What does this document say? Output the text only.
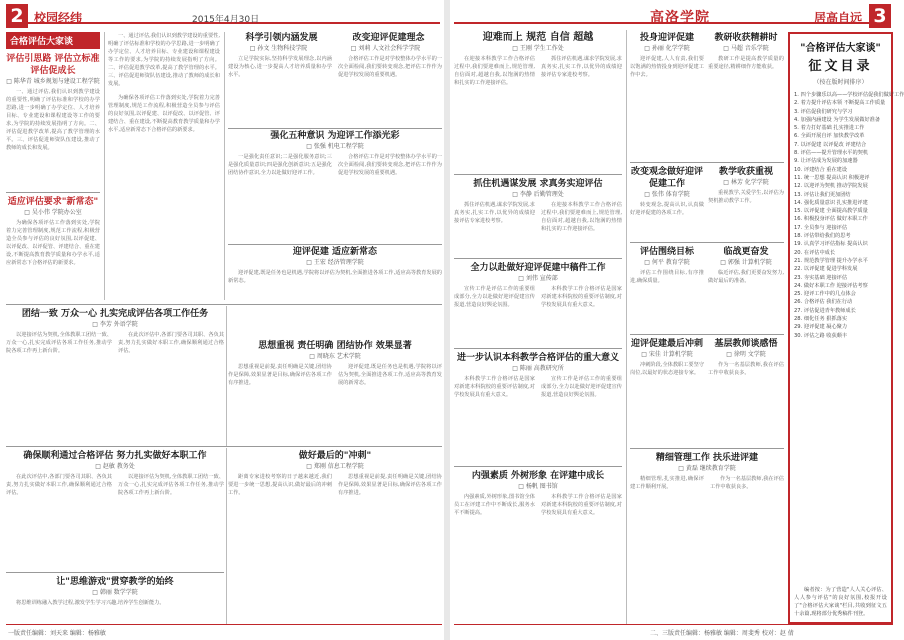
2 校园经纬	2015年4月30日
合格评估大家谈
评估引思路 评估立标准 评估促成长
□ 陈华青 城乡规划与建设工程学院
一、通过评估,我们认识到教学建设的重要性,明确了评估标准和学校的办学思路,进一步明确了办学定位、人才培养目标、专业建设和课程建设等工作的要求,为学院的持续发展指明了方向。二、评估促进教学改革,提高了教学管理的水平。三、评估促进师资队伍建设,推动了教师的成长和发展。
适应评估要求"新常态"
□ 吴小伟 学院办公室
为确保各项评估工作落到实处,学院着力完善管理制度,规范工作流程,积极营造全员参与评估的良好氛围,以评促建、以评促改、以评促管、评建结合、重在建设,不断提高教育教学质量和办学水平,适应新常态下合格评估的新要求。
一、通过评估,我们认识到教学建设的重要性,明确了评估标准和学校的办学思路,进一步明确了办学定位、人才培养目标、专业建设和课程建设等工作的要求,为学院的持续发展指明了方向。二、评估促进教学改革,提高了教学管理的水平。三、评估促进师资队伍建设,推动了教师的成长和发展。
为确保各项评估工作落到实处,学院着力完善管理制度,规范工作流程,积极营造全员参与评估的良好氛围,以评促建、以评促改、以评促管、评建结合、重在建设,不断提高教育教学质量和办学水平,适应新常态下合格评估的新要求。
科学引领内涵发展	改变迎评促建理念
□ 孙文 生物科技学院	□ 刘莉 人文社会科学学院
立足学院实际,坚持科学发展理念,以内涵建设为核心,进一步提高人才培养质量和办学水平。
合格评估工作是对学校整体办学水平的一次全面检阅,我们要转变观念,把评估工作作为促进学校发展的重要机遇。
强化五种意识 为迎评工作添光彩
□ 张强 机电工程学院
一是强化责任意识;二是强化服务意识;三是强化质量意识;四是强化创新意识;五是强化团结协作意识,全力以赴做好迎评工作。
合格评估工作是对学校整体办学水平的一次全面检阅,我们要转变观念,把评估工作作为促进学校发展的重要机遇。
迎评促建 适应新常态
□ 王宏 经济管理学院
迎评促建,既是任务也是机遇,学院将以评估为契机,全面推进各项工作,适应高等教育发展的新常态。
团结一致 万众一心 扎实完成评估各项工作任务
□ 李芳 外语学院
以迎接评估为契机,全体教职工团结一致、万众一心,扎实完成评估各项工作任务,推动学院各项工作再上新台阶。
在此次评估中,各部门要各司其职、各负其责,努力扎实做好本职工作,确保顺利通过合格评估。	思想重视 责任明确 团结协作 效果显著
□ 周晓东 艺术学院
思想重视是前提,责任明确是关键,团结协作是保障,效果显著是目标,确保评估各项工作有序推进。
迎评促建,既是任务也是机遇,学院将以评估为契机,全面推进各项工作,适应高等教育发展的新常态。
确保顺利通过合格评估 努力扎实做好本职工作
□ 赵敏 教务处
在此次评估中,各部门要各司其职、各负其责,努力扎实做好本职工作,确保顺利通过合格评估。
以迎接评估为契机,全体教职工团结一致、万众一心,扎实完成评估各项工作任务,推动学院各项工作再上新台阶。
做好最后的"冲刺"
□ 郑刚 信息工程学院
距离专家进校考察的日子越来越近,我们要进一步统一思想,提高认识,做好最后的冲刺工作。
思想重视是前提,责任明确是关键,团结协作是保障,效果显著是目标,确保评估各项工作有序推进。
让"思维游戏"贯穿教学的始终
□ 韩丽 数学学院
将思维训练融入教学过程,激发学生学习兴趣,培养学生创新能力。
一版责任编辑：刘天来 编辑：杨雅敏
高洛学院	居高自远 3
迎难而上 规范 自信 超越
□ 王刚 学生工作处
在迎接本科教学工作合格评估过程中,我们要迎难而上,规范管理,自信面对,超越自我,以饱满的热情和扎实的工作迎接评估。
抓住评估机遇,谋求学院发展,求真务实,扎实工作,以优异的成绩迎接评估专家进校考察。
抓住机遇谋发展 求真务实迎评估
□ 李静 后勤管理处
抓住评估机遇,谋求学院发展,求真务实,扎实工作,以优异的成绩迎接评估专家进校考察。
在迎接本科教学工作合格评估过程中,我们要迎难而上,规范管理,自信面对,超越自我,以饱满的热情和扎实的工作迎接评估。
全力以赴做好迎评促建中稿件工作
□ 刘伟 宣传部
宣传工作是评估工作的重要组成部分,全力以赴做好迎评促建宣传报道,营造良好舆论氛围。
本科教学工作合格评估是国家对新建本科院校的重要评估制度,对学校发展具有重大意义。
进一步认识本科教学合格评估的重大意义
□ 陈丽 高教研究所
本科教学工作合格评估是国家对新建本科院校的重要评估制度,对学校发展具有重大意义。
宣传工作是评估工作的重要组成部分,全力以赴做好迎评促建宣传报道,营造良好舆论氛围。
内强素质 外树形象 在评建中成长
□ 杨帆 图书馆
内强素质,外树形象,图书馆全体员工在评建工作中不断成长,服务水平不断提高。
本科教学工作合格评估是国家对新建本科院校的重要评估制度,对学校发展具有重大意义。
投身迎评促建
□ 孙丽 化学学院
迎评促建,人人有责,我们要以饱满的热情投身到迎评促建工作中去。
教研收获精耕时
□ 马超 音乐学院
教研工作是提高教学质量的重要途径,精耕细作方能收获。
改变观念做好迎评促建工作
□ 张伟 体育学院
转变观念,提高认识,认真做好迎评促建的各项工作。
教学收获重视
□ 林芳 化学学院
重视教学,关爱学生,以评估为契机推动教学工作。
评估围绕目标
□ 何平 教育学院
评估工作围绕目标,有序推进,确保质量。
临战更奋发
□ 郭强 计算机学院
临近评估,我们更要奋发努力,做好最后的准备。
迎评促建最后冲刺
□ 宋佳 计算机学院
冲刺阶段,全体教职工要坚守岗位,以最好的状态迎接专家。
基层教师谈感悟
□ 徐明 文学院
作为一名基层教师,我在评估工作中收获良多。
精细管理工作 扶乐进评建
□ 黄磊 继续教育学院
精细管理,扎实推进,确保评建工作顺利开展。
作为一名基层教师,我在评估工作中收获良多。
"合格评估大家谈"
征文目录
（按在版时间排序）
1. 四个步骤乐以高——学校评估促我们做好工作
2. 着力提升评估本领 不断提高工作质量
3. 评估促我们研究与学习
4. 加强内涵建设 为学生发展做好准备
5. 着力打好基础 扎实推进工作
6. 全面开展自评 加快教学改革
7. 以评促建 以评促改 评建结合
8. 评估——提升管理水平的契机
9. 让评估成为发展的加速器
10. 评建结合 重在建设
11. 统一思想 提高认识 积极迎评
12. 以迎评为契机 推动学院发展
13. 评估让我们更加团结
14. 强化质量意识 扎实推进评建
15. 以评促建 全面提高教学质量
16. 积极投身评估 做好本职工作
17. 全员参与 迎接评估
18. 评估带给我们的思考
19. 认真学习评估指标 提高认识
20. 在评估中成长
21. 规范教学管理 提升办学水平
22. 以评促建 促进学科发展
23. 夯实基础 迎接评估
24. 做好本职工作 迎接评估考察
25. 迎评工作中的几点体会
26. 合格评估 我们在行动
27. 评估促进青年教师成长
28. 细化任务 狠抓落实
29. 迎评促建 凝心聚力
30. 评估之路 收获颇丰
编者按：为了营造"人人关心评估、人人参与评估"的良好氛围,校报开设了"合格评估大家谈"栏目,共收到征文五十余篇,现将部分优秀稿件刊登。
二、三版责任编辑：杨雅敏 编辑：周斐秀 校对：赵 倩
